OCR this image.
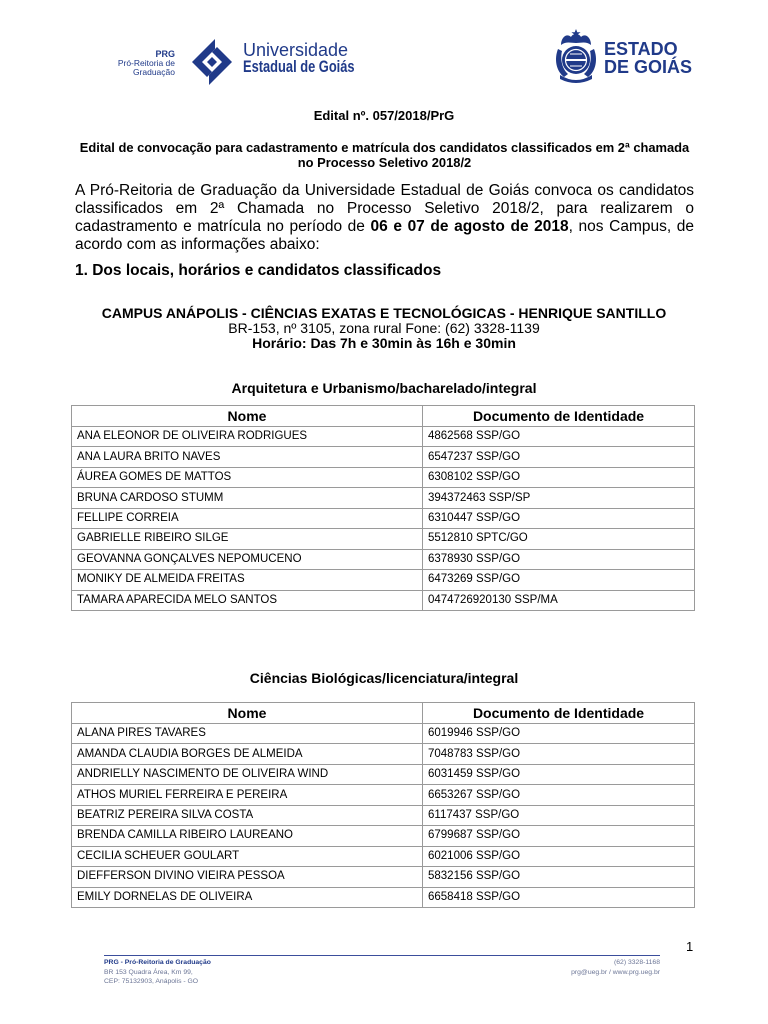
PRG
Pró-Reitoria de
Graduação
Universidade
Estadual de Goiás
ESTADO
DE GOIÁS
Edital nº. 057/2018/PrG
Edital de convocação para cadastramento e matrícula dos candidatos classificados em 2ª chamada
no Processo Seletivo 2018/2

A Pró-Reitoria de Graduação da Universidade Estadual de Goiás convoca os candidatos classificados em 2ª Chamada no Processo Seletivo 2018/2, para realizarem o cadastramento e matrícula no período de 06 e 07 de agosto de 2018, nos Campus, de acordo com as informações abaixo:

1. Dos locais, horários e candidatos classificados
CAMPUS ANÁPOLIS - CIÊNCIAS EXATAS E TECNOLÓGICAS - HENRIQUE SANTILLO
BR-153, nº 3105, zona rural Fone: (62) 3328-1139
Horário: Das 7h e 30min às 16h e 30min
Arquitetura e Urbanismo/bacharelado/integral
Nome	Documento de Identidade
ANA ELEONOR DE OLIVEIRA RODRIGUES	4862568 SSP/GO
ANA LAURA BRITO NAVES	6547237 SSP/GO
ÁUREA GOMES DE MATTOS	6308102 SSP/GO
BRUNA CARDOSO STUMM	394372463 SSP/SP
FELLIPE CORREIA	6310447 SSP/GO
GABRIELLE RIBEIRO SILGE	5512810 SPTC/GO
GEOVANNA GONÇALVES NEPOMUCENO	6378930 SSP/GO
MONIKY DE ALMEIDA FREITAS	6473269 SSP/GO
TAMARA APARECIDA MELO SANTOS	0474726920130 SSP/MA
Ciências Biológicas/licenciatura/integral
Nome	Documento de Identidade
ALANA PIRES TAVARES	6019946 SSP/GO
AMANDA CLAUDIA BORGES DE ALMEIDA	7048783 SSP/GO
ANDRIELLY NASCIMENTO DE OLIVEIRA WIND	6031459 SSP/GO
ATHOS MURIEL FERREIRA E PEREIRA	6653267 SSP/GO
BEATRIZ PEREIRA SILVA COSTA	6117437 SSP/GO
BRENDA CAMILLA RIBEIRO LAUREANO	6799687 SSP/GO
CECILIA SCHEUER GOULART	6021006 SSP/GO
DIEFFERSON DIVINO VIEIRA PESSOA	5832156 SSP/GO
EMILY DORNELAS DE OLIVEIRA	6658418 SSP/GO
1
PRG - Pró-Reitoria de Graduação
BR 153 Quadra Área, Km 99,
CEP: 75132903, Anápolis - GO
(62) 3328-1168
prg@ueg.br / www.prg.ueg.br
